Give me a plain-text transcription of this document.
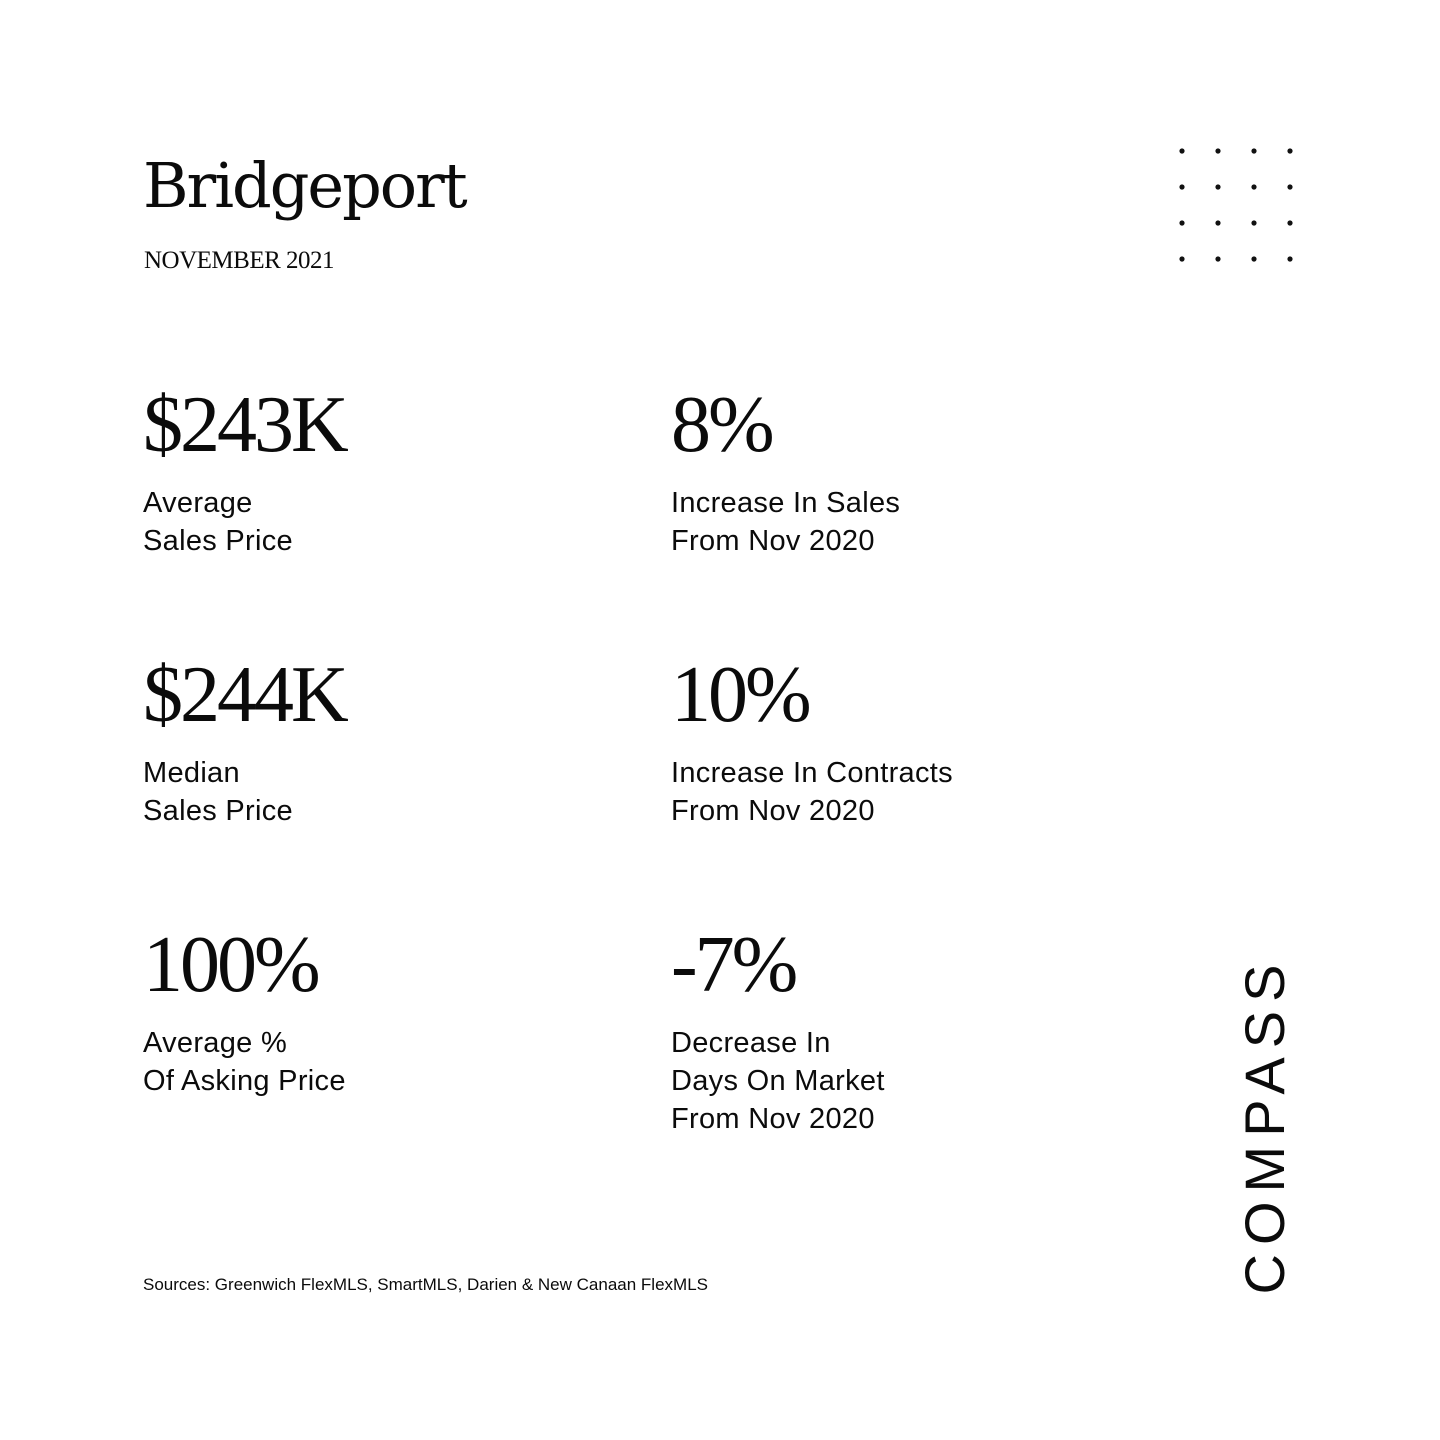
Bridgeport
NOVEMBER 2021
$243K
Average
Sales Price
8%
Increase In Sales
From Nov 2020
$244K
Median
Sales Price
10%
Increase In Contracts
From Nov 2020
100%
Average %
Of Asking Price
-7%
Decrease In
Days On Market
From Nov 2020
Sources: Greenwich FlexMLS, SmartMLS, Darien & New Canaan FlexMLS	COMPASS
